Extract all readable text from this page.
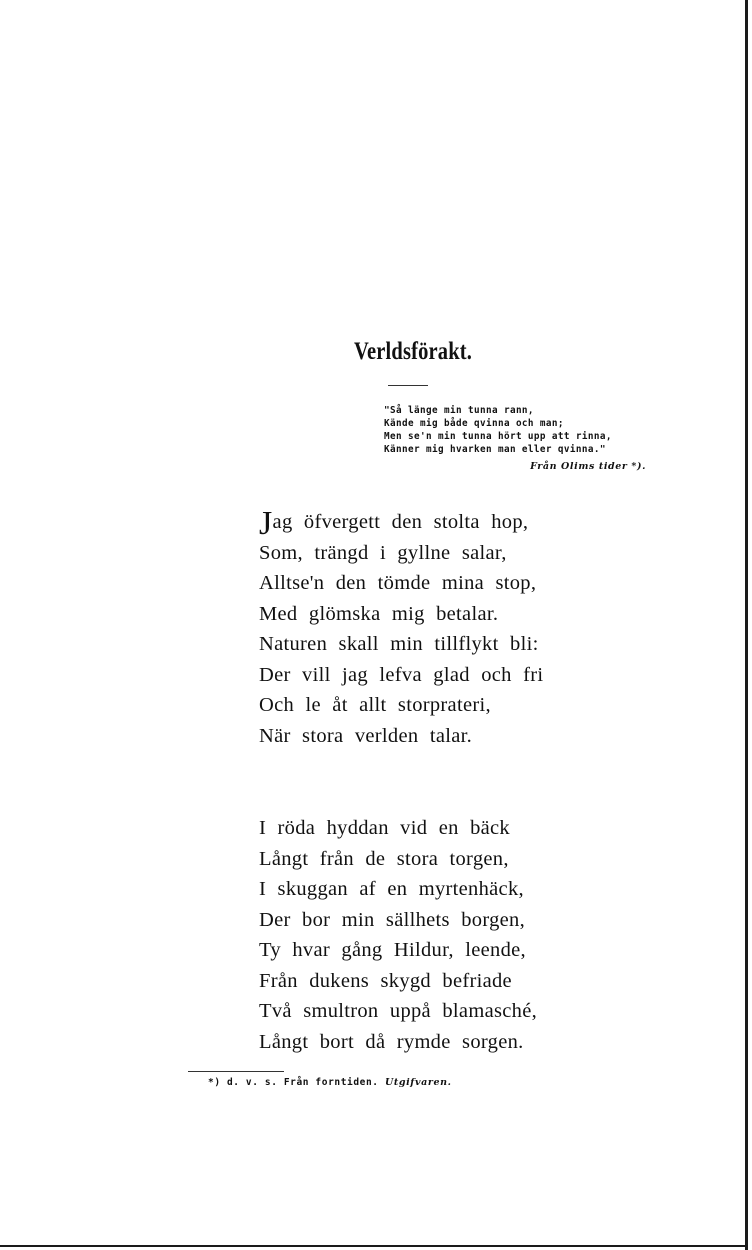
Verldsförakt.
"Så länge min tunna rann,
Kände mig både qvinna och man;
Men se'n min tunna hört upp att rinna,
Känner mig hvarken man eller qvinna."
Från Olims tider *).
Jag öfvergett den stolta hop,
Som, trängd i gyllne salar,
Alltse'n den tömde mina stop,
Med glömska mig betalar.
Naturen skall min tillflykt bli:
Der vill jag lefva glad och fri
Och le åt allt storprateri,
När stora verlden talar.
I röda hyddan vid en bäck
Långt från de stora torgen,
I skuggan af en myrtenhäck,
Der bor min sällhets borgen,
Ty hvar gång Hildur, leende,
Från dukens skygd befriade
Två smultron uppå blamasché,
Långt bort då rymde sorgen.
*) d. v. s. Från forntiden. Utgifvaren.
